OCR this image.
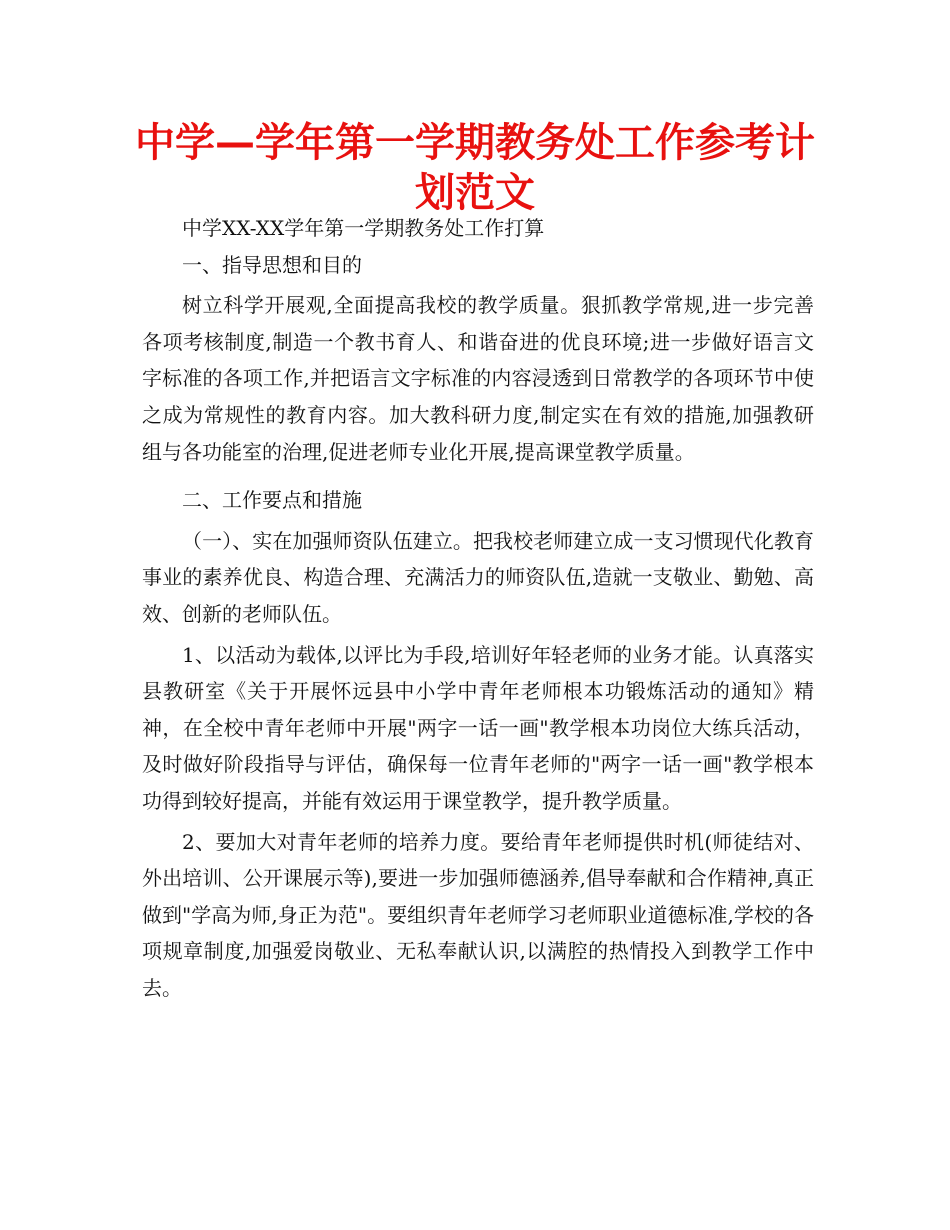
中学—学年第一学期教务处工作参考计划范文

中学XX-XX学年第一学期教务处工作打算

一、指导思想和目的

树立科学开展观,全面提高我校的教学质量。狠抓教学常规,进一步完善各项考核制度,制造一个教书育人、和谐奋进的优良环境;进一步做好语言文字标准的各项工作,并把语言文字标准的内容浸透到日常教学的各项环节中使之成为常规性的教育内容。加大教科研力度,制定实在有效的措施,加强教研组与各功能室的治理,促进老师专业化开展,提高课堂教学质量。

二、工作要点和措施

（一）、实在加强师资队伍建立。把我校老师建立成一支习惯现代化教育事业的素养优良、构造合理、充满活力的师资队伍,造就一支敬业、勤勉、高效、创新的老师队伍。

1、以活动为载体,以评比为手段,培训好年轻老师的业务才能。认真落实县教研室《关于开展怀远县中小学中青年老师根本功锻炼活动的通知》精神，在全校中青年老师中开展"两字一话一画"教学根本功岗位大练兵活动，及时做好阶段指导与评估，确保每一位青年老师的"两字一话一画"教学根本功得到较好提高，并能有效运用于课堂教学，提升教学质量。

2、要加大对青年老师的培养力度。要给青年老师提供时机(师徒结对、外出培训、公开课展示等),要进一步加强师德涵养,倡导奉献和合作精神,真正做到"学高为师,身正为范"。要组织青年老师学习老师职业道德标准,学校的各项规章制度,加强爱岗敬业、无私奉献认识,以满腔的热情投入到教学工作中去。
